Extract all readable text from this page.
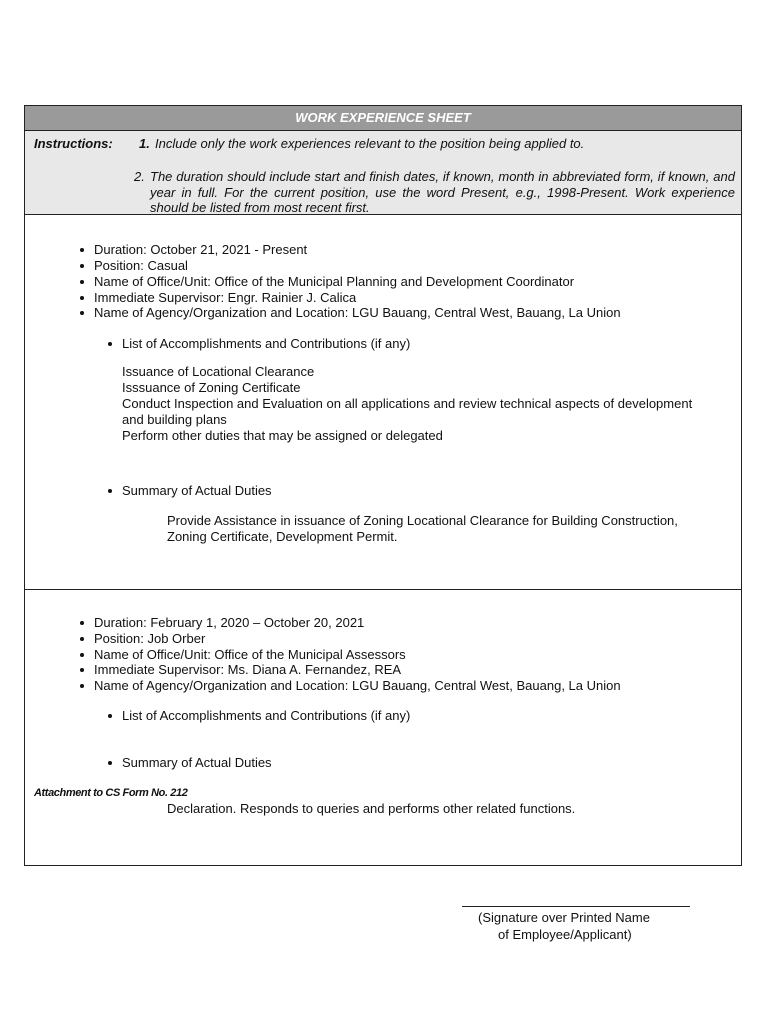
WORK EXPERIENCE SHEET
Instructions: 1. Include only the work experiences relevant to the position being applied to.
2. The duration should include start and finish dates, if known, month in abbreviated form, if known, and year in full. For the current position, use the word Present, e.g., 1998-Present. Work experience should be listed from most recent first.
Duration: October 21, 2021 - Present
Position: Casual
Name of Office/Unit: Office of the Municipal Planning and Development Coordinator
Immediate Supervisor: Engr. Rainier J. Calica
Name of Agency/Organization and Location: LGU Bauang, Central West, Bauang, La Union
List of Accomplishments and Contributions (if any)
Issuance of Locational Clearance
Isssuance of Zoning Certificate
Conduct Inspection and Evaluation on all applications and review technical aspects of development and building plans
Perform other duties that may be assigned or delegated
Summary of Actual Duties
Provide Assistance in issuance of Zoning Locational Clearance for Building Construction, Zoning Certificate, Development Permit.
Duration: February 1, 2020 – October 20, 2021
Position: Job Orber
Name of Office/Unit: Office of the Municipal Assessors
Immediate Supervisor: Ms. Diana A. Fernandez, REA
Name of Agency/Organization and Location: LGU Bauang, Central West, Bauang, La Union
List of Accomplishments and Contributions (if any)
Summary of Actual Duties
Declaration. Responds to queries and performs other related functions.
Attachment to CS Form No. 212
(Signature over Printed Name
of Employee/Applicant)
